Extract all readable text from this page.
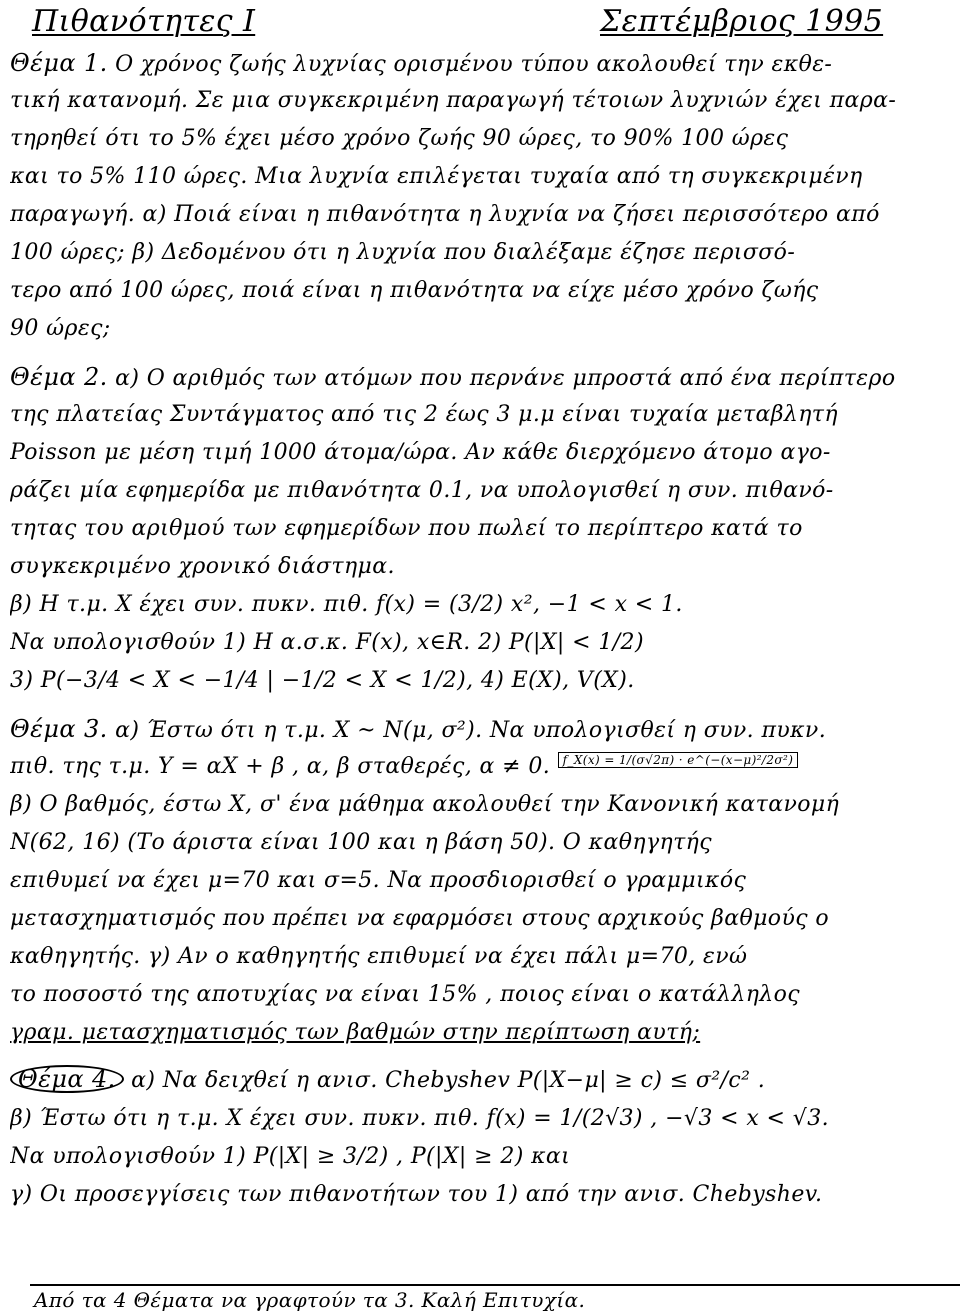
Πιθανότητες Ι	Σεπτέμβριος 1995
Θέμα 1. Ο χρόνος ζωής λυχνίας ορισμένου τύπου ακολουθεί την εκθε-
τική κατανομή. Σε μια συγκεκριμένη παραγωγή τέτοιων λυχνιών έχει παρα-
τηρηθεί ότι το 5% έχει μέσο χρόνο ζωής 90 ώρες, το 90% 100 ώρες
και το 5% 110 ώρες. Μια λυχνία επιλέγεται τυχαία από τη συγκεκριμένη
παραγωγή. α) Ποιά είναι η πιθανότητα η λυχνία να ζήσει περισσότερο από
100 ώρες; β) Δεδομένου ότι η λυχνία που διαλέξαμε έζησε περισσό-
τερο από 100 ώρες, ποιά είναι η πιθανότητα να είχε μέσο χρόνο ζωής
90 ώρες;
Θέμα 2. α) Ο αριθμός των ατόμων που περνάνε μπροστά από ένα περίπτερο
της πλατείας Συντάγματος από τις 2 έως 3 μ.μ είναι τυχαία μεταβλητή
Poisson με μέση τιμή 1000 άτομα/ώρα. Αν κάθε διερχόμενο άτομο αγο-
ράζει μία εφημερίδα με πιθανότητα 0.1, να υπολογισθεί η συν. πιθανό-
τητας του αριθμού των εφημερίδων που πωλεί το περίπτερο κατά το
συγκεκριμένο χρονικό διάστημα.
β) Η τ.μ. Χ έχει συν. πυκν. πιθ. f(x) = (3/2) x², −1 < x < 1.
Να υπολογισθούν 1) Η α.σ.κ. F(x), x∈R. 2) P(|X| < 1/2)
3) P(−3/4 < X < −1/4 | −1/2 < X < 1/2), 4) E(X), V(X).
Θέμα 3. α) Έστω ότι η τ.μ. Χ ~ N(μ, σ²). Να υπολογισθεί η συν. πυκν.
πιθ. της τ.μ. Y = αX + β , α, β σταθερές, α ≠ 0. f_X(x) = 1/(σ√2π) · e^(−(x−μ)²/2σ²)
β) Ο βαθμός, έστω Χ, σ' ένα μάθημα ακολουθεί την Κανονική κατανομή
N(62, 16) (Το άριστα είναι 100 και η βάση 50). Ο καθηγητής
επιθυμεί να έχει μ=70 και σ=5. Να προσδιορισθεί ο γραμμικός
μετασχηματισμός που πρέπει να εφαρμόσει στους αρχικούς βαθμούς ο
καθηγητής. γ) Αν ο καθηγητής επιθυμεί να έχει πάλι μ=70, ενώ
το ποσοστό της αποτυχίας να είναι 15% , ποιος είναι ο κατάλληλος
γραμ. μετασχηματισμός των βαθμών στην περίπτωση αυτή;
Θέμα 4. α) Να δειχθεί η ανισ. Chebyshev P(|X−μ| ≥ c) ≤ σ²/c² .
β) Έστω ότι η τ.μ. Χ έχει συν. πυκν. πιθ. f(x) = 1/(2√3) , −√3 < x < √3.
Να υπολογισθούν 1) P(|X| ≥ 3/2) , P(|X| ≥ 2) και
γ) Οι προσεγγίσεις των πιθανοτήτων του 1) από την ανισ. Chebyshev.
Από τα 4 Θέματα να γραφτούν τα 3. Καλή Επιτυχία.
